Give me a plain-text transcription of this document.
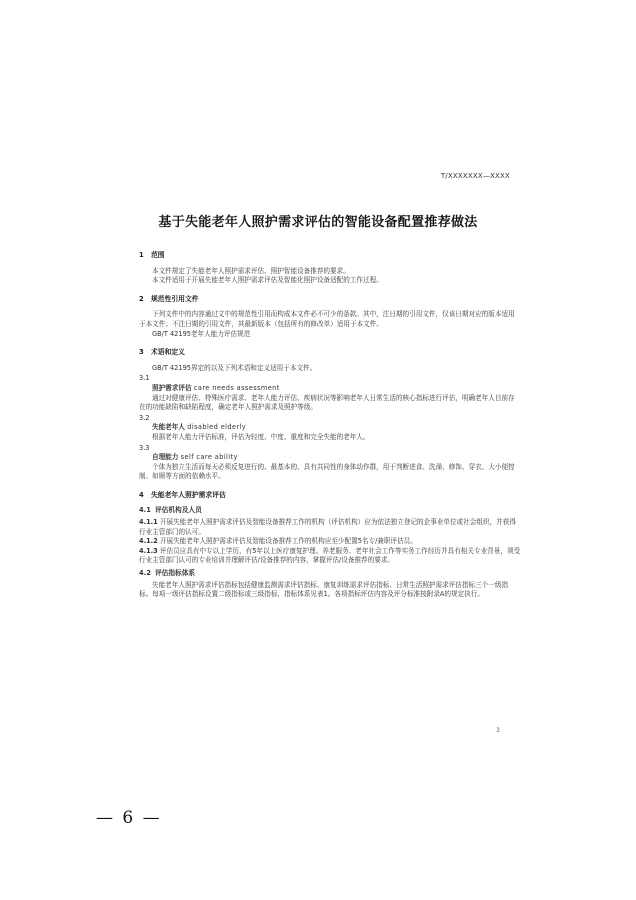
T/XXXXXXX—XXXX
基于失能老年人照护需求评估的智能设备配置推荐做法
1 范围
本文件规定了失能老年人照护需求评估、照护智能设备推荐的要求。
本文件适用于开展失能老年人照护需求评估及智能化照护设备适配的工作过程。
2 规范性引用文件
下列文件中的内容通过文中的规范性引用而构成本文件必不可少的条款。其中，注日期的引用文件，仅该日期对应的版本适用于本文件；不注日期的引用文件，其最新版本（包括所有的修改单）适用于本文件。
GB/T 42195老年人能力评估规范
3 术语和定义
GB/T 42195界定的以及下列术语和定义适用于本文件。
3.1
照护需求评估 care needs assessment
通过对健康评估、特殊医疗需求、老年人能力评估、疾病状况等影响老年人日常生活的核心指标进行评估，明确老年人目前存在的功能缺陷和缺陷程度，确定老年人照护需求及照护等级。
3.2
失能老年人 disabled elderly
根据老年人能力评估标准，评估为轻度、中度、重度和完全失能的老年人。
3.3
自理能力 self care ability
个体为独立生活而每天必须反复进行的、最基本的、具有共同性的身体动作群，用于判断进食、洗澡、修饰、穿衣、大小便控制、如厕等方面的依赖水平。
4 失能老年人照护需求评估
4.1 评估机构及人员
4.1.1 开展失能老年人照护需求评估及智能设备推荐工作的机构（评估机构）应为依法独立登记的企事业单位或社会组织，并获得行业主管部门的认可。
4.1.2 开展失能老年人照护需求评估及智能设备推荐工作的机构应至少配置5名专/兼职评估员。
4.1.3 评估员应具有中专以上学历，有5年以上医疗康复护理、养老服务、老年社会工作等实务工作经历并具有相关专业背景，须受行业主管部门认可的专业培训并理解评估/设备推荐的内容，掌握评估/设备推荐的要求。
4.2 评估指标体系
失能老年人照护需求评估指标包括健康监测需求评估指标、康复训练需求评估指标、日常生活照护需求评估指标三个一级指标。每项一级评估指标设置二级指标或三级指标，指标体系见表1。各项指标评估内容及评分标准按附录A的规定执行。
3
— 6 —
